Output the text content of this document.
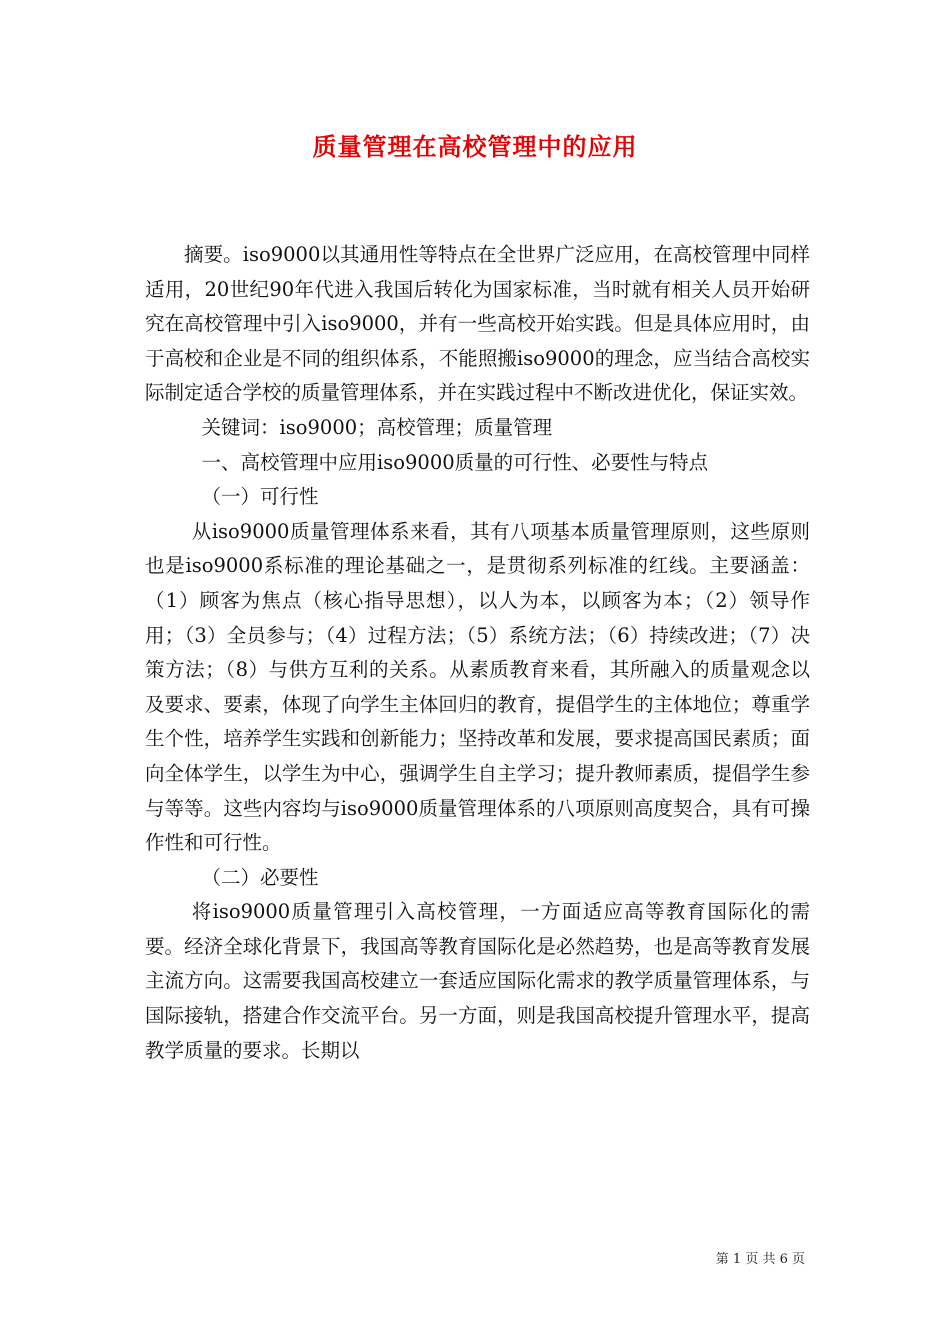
质量管理在高校管理中的应用

摘要。iso9000以其通用性等特点在全世界广泛应用，在高校管理中同样适用，20世纪90年代进入我国后转化为国家标准，当时就有相关人员开始研究在高校管理中引入iso9000，并有一些高校开始实践。但是具体应用时，由于高校和企业是不同的组织体系，不能照搬iso9000的理念，应当结合高校实际制定适合学校的质量管理体系，并在实践过程中不断改进优化，保证实效。

关键词：iso9000；高校管理；质量管理

一、高校管理中应用iso9000质量的可行性、必要性与特点

（一）可行性

从iso9000质量管理体系来看，其有八项基本质量管理原则，这些原则也是iso9000系标准的理论基础之一，是贯彻系列标准的红线。主要涵盖：（1）顾客为焦点（核心指导思想），以人为本，以顾客为本；（2）领导作用；（3）全员参与；（4）过程方法；（5）系统方法；（6）持续改进；（7）决策方法；（8）与供方互利的关系。从素质教育来看，其所融入的质量观念以及要求、要素，体现了向学生主体回归的教育，提倡学生的主体地位；尊重学生个性，培养学生实践和创新能力；坚持改革和发展，要求提高国民素质；面向全体学生，以学生为中心，强调学生自主学习；提升教师素质，提倡学生参与等等。这些内容均与iso9000质量管理体系的八项原则高度契合，具有可操作性和可行性。

（二）必要性

将iso9000质量管理引入高校管理，一方面适应高等教育国际化的需要。经济全球化背景下，我国高等教育国际化是必然趋势，也是高等教育发展主流方向。这需要我国高校建立一套适应国际化需求的教学质量管理体系，与国际接轨，搭建合作交流平台。另一方面，则是我国高校提升管理水平，提高教学质量的要求。长期以

第 1 页 共 6 页
